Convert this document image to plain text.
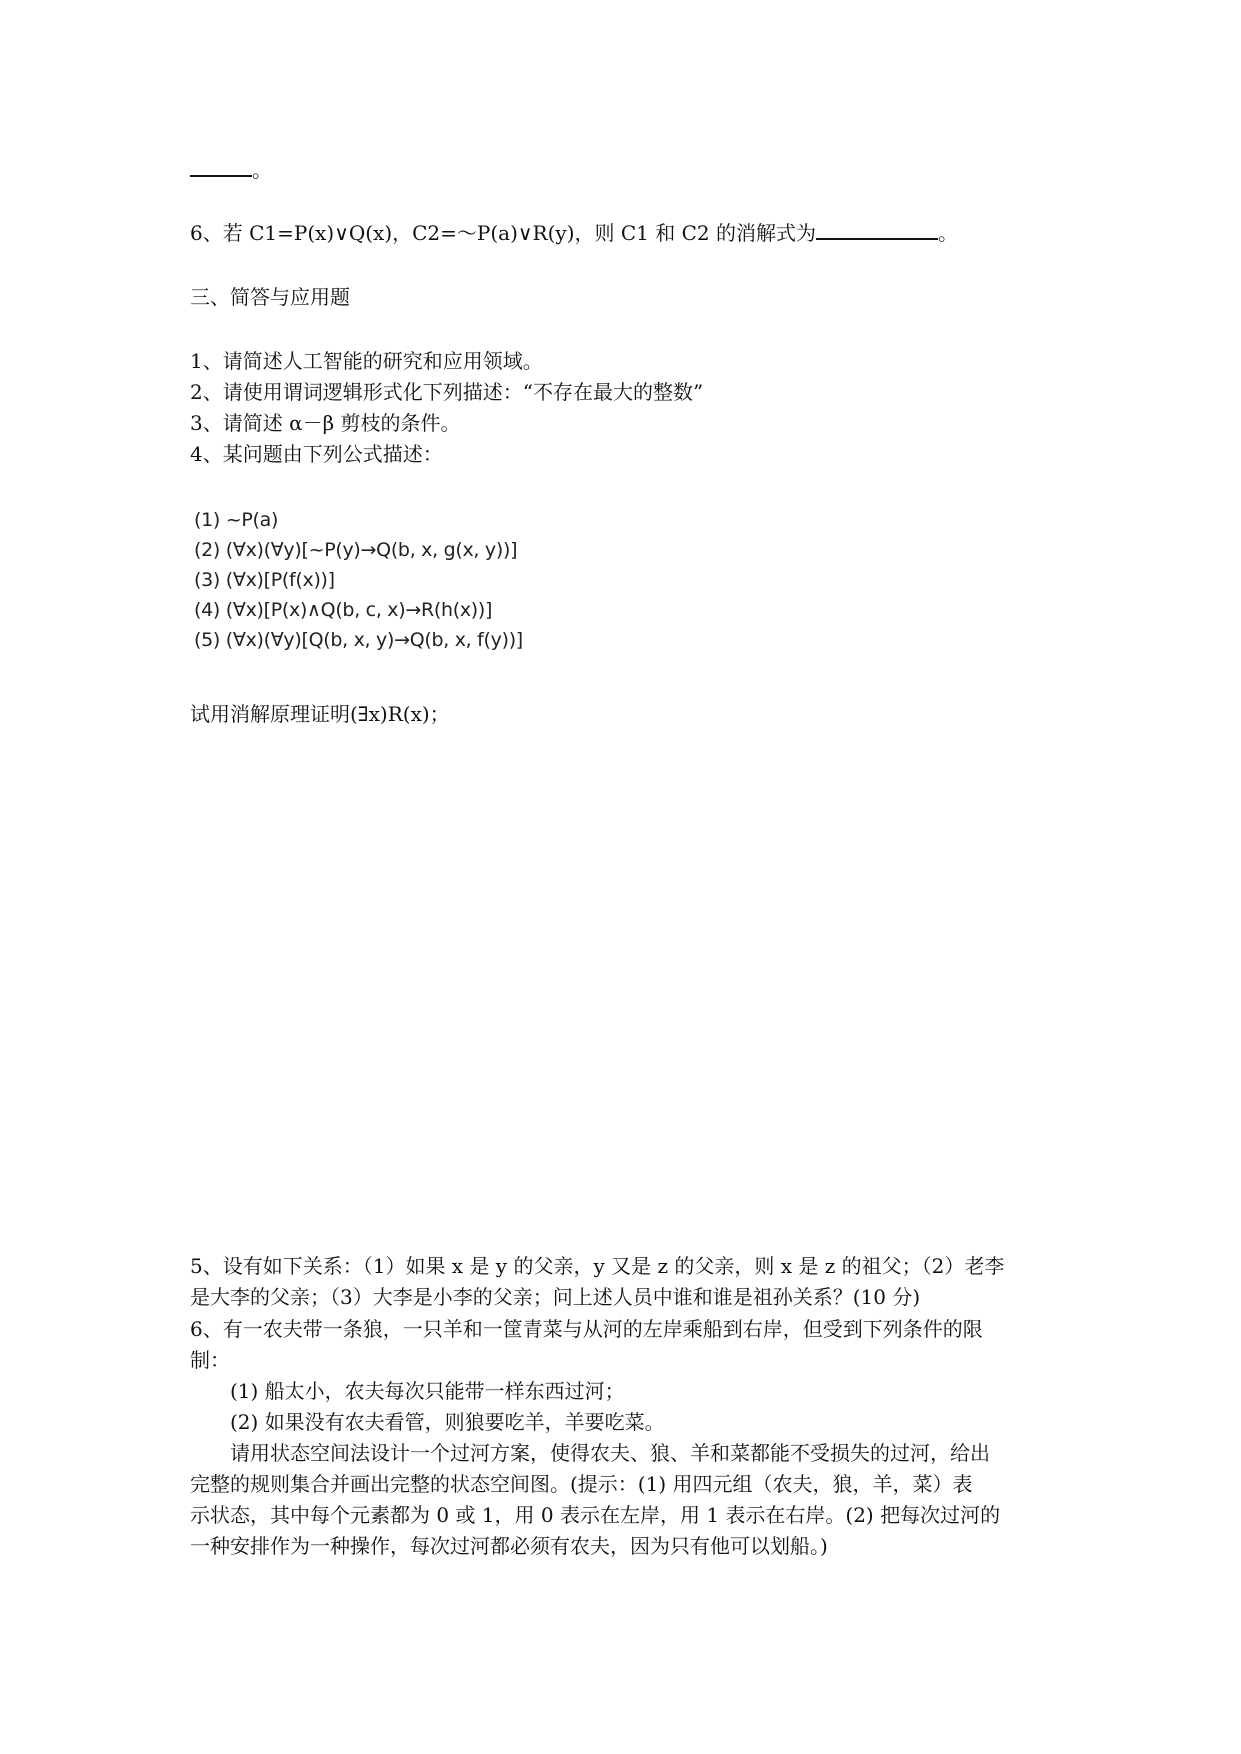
。
6、若 C1=P(x)∨Q(x)，C2=～P(a)∨R(y)，则 C1 和 C2 的消解式为	。
三、简答与应用题
1、请简述人工智能的研究和应用领域。
2、请使用谓词逻辑形式化下列描述：“不存在最大的整数”
3、请简述 α－β 剪枝的条件。
4、某问题由下列公式描述：
(1) ~P(a)
(2) (∀x)(∀y)[~P(y)→Q(b, x, g(x, y))]
(3) (∀x)[P(f(x))]
(4) (∀x)[P(x)∧Q(b, c, x)→R(h(x))]
(5) (∀x)(∀y)[Q(b, x, y)→Q(b, x, f(y))]
试用消解原理证明(∃x)R(x)；
5、设有如下关系：（1）如果 x 是 y 的父亲，y 又是 z 的父亲，则 x 是 z 的祖父；（2）老李
是大李的父亲；（3）大李是小李的父亲；问上述人员中谁和谁是祖孙关系？(10 分)
6、有一农夫带一条狼，一只羊和一筐青菜与从河的左岸乘船到右岸，但受到下列条件的限
制：
(1) 船太小，农夫每次只能带一样东西过河；
(2) 如果没有农夫看管，则狼要吃羊，羊要吃菜。
请用状态空间法设计一个过河方案，使得农夫、狼、羊和菜都能不受损失的过河，给出
完整的规则集合并画出完整的状态空间图。(提示：(1) 用四元组（农夫，狼，羊，菜）表
示状态，其中每个元素都为 0 或 1，用 0 表示在左岸，用 1 表示在右岸。(2) 把每次过河的
一种安排作为一种操作，每次过河都必须有农夫，因为只有他可以划船。)
